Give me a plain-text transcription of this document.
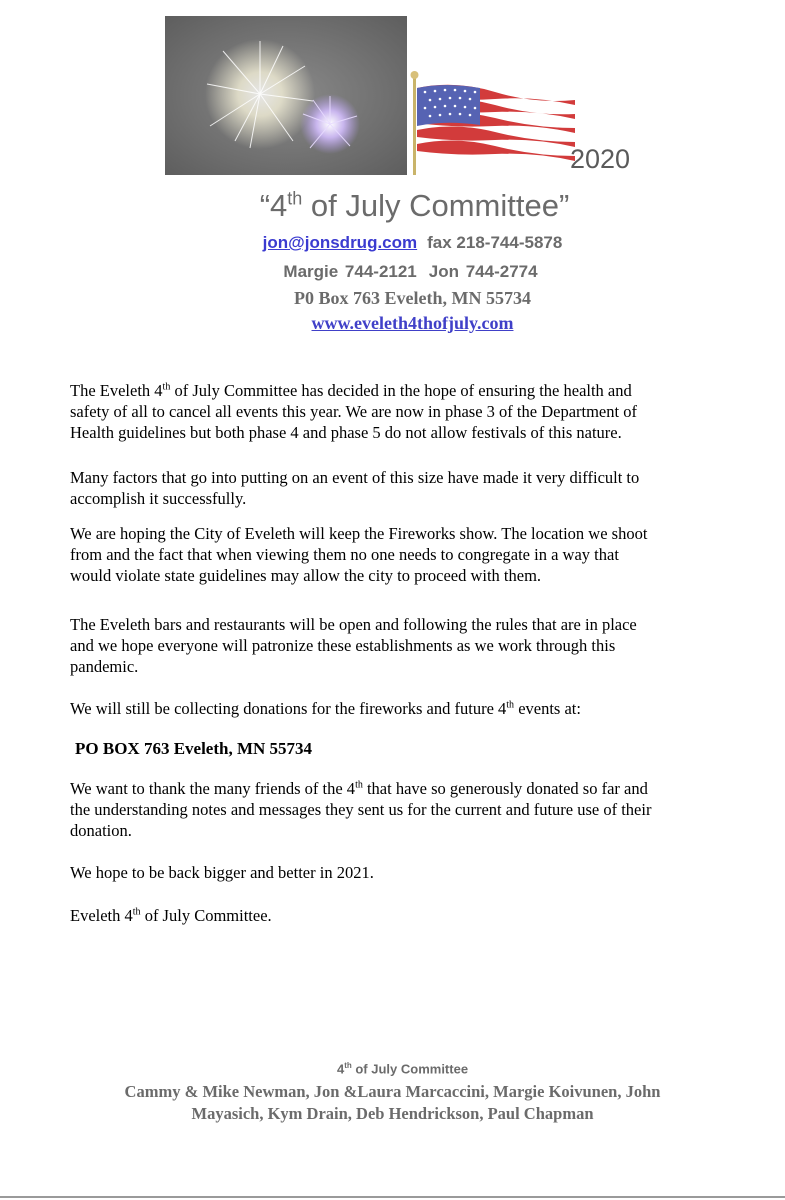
2020
“4th of July Committee”
jon@jonsdrug.com fax 218-744-5878
Margie 744-2121 Jon 744-2774
P0 Box 763 Eveleth, MN 55734
www.eveleth4thofjuly.com
The Eveleth 4th of July Committee has decided in the hope of ensuring the health and
safety of all to cancel all events this year. We are now in phase 3 of the Department of
Health guidelines but both phase 4 and phase 5 do not allow festivals of this nature.
Many factors that go into putting on an event of this size have made it very difficult to
accomplish it successfully.
We are hoping the City of Eveleth will keep the Fireworks show. The location we shoot
from and the fact that when viewing them no one needs to congregate in a way that
would violate state guidelines may allow the city to proceed with them.
The Eveleth bars and restaurants will be open and following the rules that are in place
and we hope everyone will patronize these establishments as we work through this
pandemic.
We will still be collecting donations for the fireworks and future 4th events at:
PO BOX 763 Eveleth, MN 55734
We want to thank the many friends of the 4th that have so generously donated so far and
the understanding notes and messages they sent us for the current and future use of their
donation.
We hope to be back bigger and better in 2021.
Eveleth 4th of July Committee.
4th of July Committee
Cammy & Mike Newman, Jon &Laura Marcaccini, Margie Koivunen, John
Mayasich, Kym Drain, Deb Hendrickson, Paul Chapman
